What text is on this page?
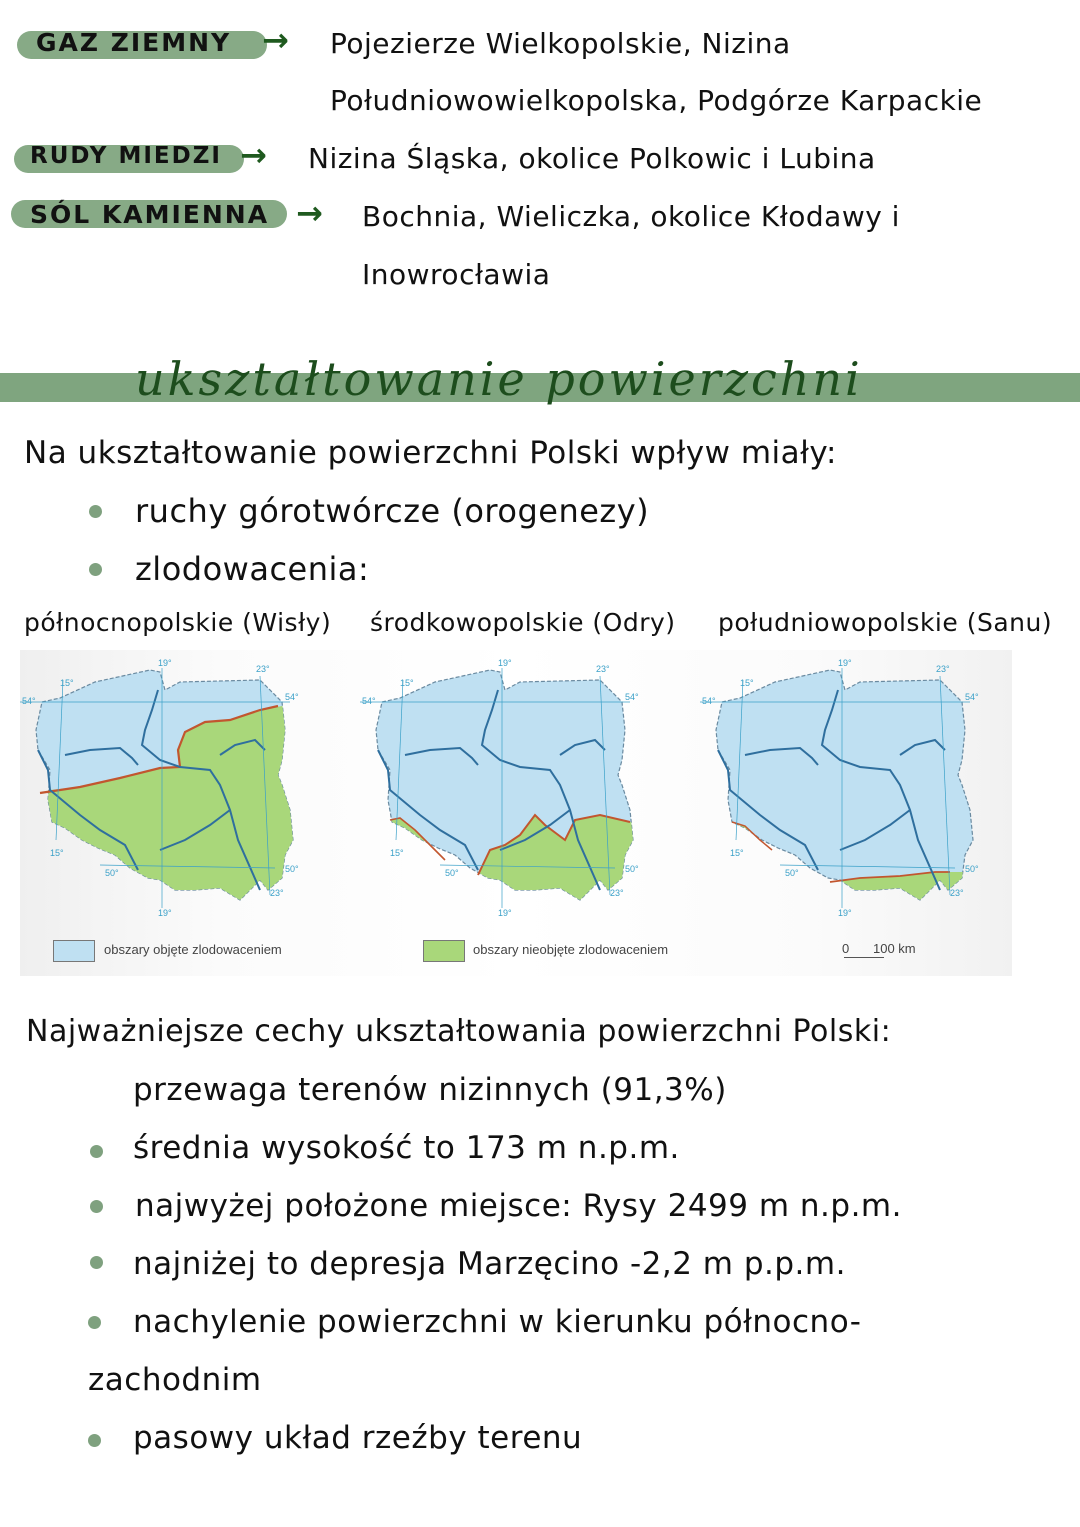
GAZ ZIEMNY → Pojezierze Wielkopolskie, Nizina
Południowowielkopolska, Podgórze Karpackie
RUDY MIEDZI → Nizina Śląska, okolice Polkowic i Lubina
SÓL KAMIENNA → Bochnia, Wieliczka, okolice Kłodawy i
Inowrocławia
ukształtowanie powierzchni
Na ukształtowanie powierzchni Polski wpływ miały:
ruchy górotwórcze (orogenezy)
zlodowacenia:
północnopolskie (Wisły) środkowopolskie (Odry) południowopolskie (Sanu)
19°
23°
15°
54°	54°
15°
50°	50°
23°
19°
19°
23°
15°
54°	54°
15°
50°	50°
23°
19°
19°
23°
15°
54°	54°
15°
50°	50°
23°
19°
obszary objęte zlodowaceniem	obszary nieobjęte zlodowaceniem	0 100 km
Najważniejsze cechy ukształtowania powierzchni Polski:
przewaga terenów nizinnych (91,3%)
średnia wysokość to 173 m n.p.m.
najwyżej położone miejsce: Rysy 2499 m n.p.m.
najniżej to depresja Marzęcino -2,2 m p.p.m.
nachylenie powierzchni w kierunku północno-
zachodnim
pasowy układ rzeźby terenu
